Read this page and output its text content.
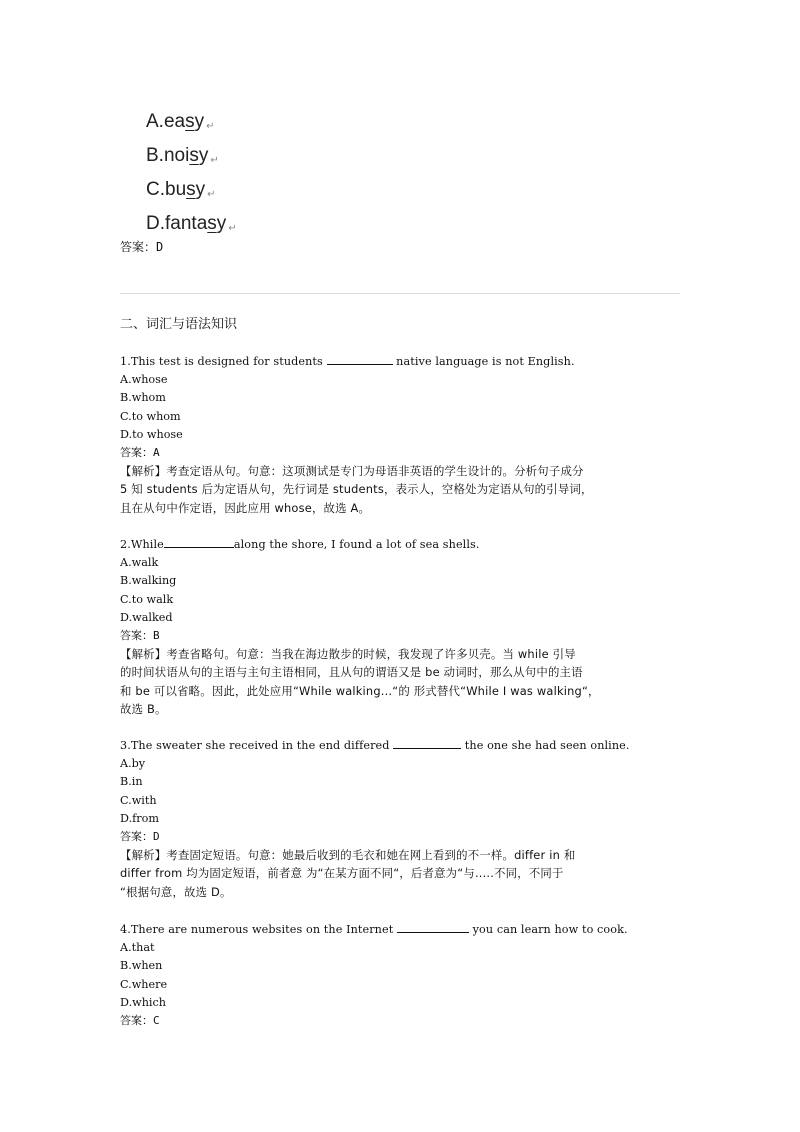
A.easy ↵
B.noisy ↵
C.busy ↵
D.fantasy ↵
答案：D
二、词汇与语法知识
1.This test is designed for students	native language is not English.
A.whose
B.whom
C.to whom
D.to whose
答案：A
【解析】考查定语从句。句意：这项测试是专门为母语非英语的学生设计的。分析句子成分
5 知 students 后为定语从句，先行词是 students，表示人，空格处为定语从句的引导词，
且在从句中作定语，因此应用 whose，故选 A。
2.While	along the shore, I found a lot of sea shells.
A.walk
B.walking
C.to walk
D.walked
答案：B
【解析】考查省略句。句意：当我在海边散步的时候，我发现了许多贝壳。当 while 引导
的时间状语从句的主语与主句主语相同，且从句的谓语又是 be 动词时，那么从句中的主语
和 be 可以省略。因此，此处应用“While walking...“的 形式替代“While I was walking“，
故选 B。
3.The sweater she received in the end differed	the one she had seen online.
A.by
B.in
C.with
D.from
答案：D
【解析】考查固定短语。句意：她最后收到的毛衣和她在网上看到的不一样。differ in 和
differ from 均为固定短语，前者意 为“在某方面不同“，后者意为“与.....不同，不同于
“根据句意，故选 D。
4.There are numerous websites on the Internet	you can learn how to cook.
A.that
B.when
C.where
D.which
答案：C
